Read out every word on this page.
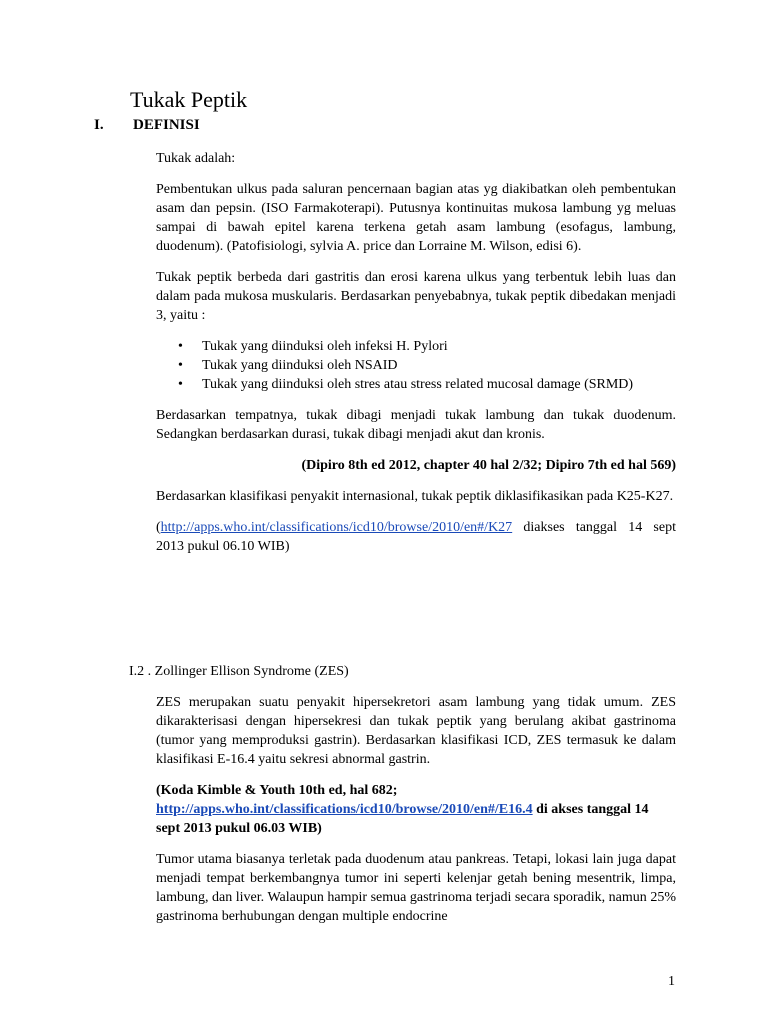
Tukak Peptik
I. DEFINISI

Tukak adalah:

Pembentukan ulkus pada saluran pencernaan bagian atas yg diakibatkan oleh pembentukan asam dan pepsin. (ISO Farmakoterapi). Putusnya kontinuitas mukosa lambung yg meluas sampai di bawah epitel karena terkena getah asam lambung (esofagus, lambung, duodenum). (Patofisiologi, sylvia A. price dan Lorraine M. Wilson, edisi 6).

Tukak peptik berbeda dari gastritis dan erosi karena ulkus yang terbentuk lebih luas dan dalam pada mukosa muskularis. Berdasarkan penyebabnya, tukak peptik dibedakan menjadi 3, yaitu :

• Tukak yang diinduksi oleh infeksi H. Pylori
• Tukak yang diinduksi oleh NSAID
• Tukak yang diinduksi oleh stres atau stress related mucosal damage (SRMD)

Berdasarkan tempatnya, tukak dibagi menjadi tukak lambung dan tukak duodenum. Sedangkan berdasarkan durasi, tukak dibagi menjadi akut dan kronis.

(Dipiro 8th ed 2012, chapter 40 hal 2/32; Dipiro 7th ed hal 569)

Berdasarkan klasifikasi penyakit internasional, tukak peptik diklasifikasikan pada K25-K27.

(http://apps.who.int/classifications/icd10/browse/2010/en#/K27 diakses tanggal 14 sept 2013 pukul 06.10 WIB)

I.2 . Zollinger Ellison Syndrome (ZES)

ZES merupakan suatu penyakit hipersekretori asam lambung yang tidak umum. ZES dikarakterisasi dengan hipersekresi dan tukak peptik yang berulang akibat gastrinoma (tumor yang memproduksi gastrin). Berdasarkan klasifikasi ICD, ZES termasuk ke dalam klasifikasi E-16.4 yaitu sekresi abnormal gastrin.

(Koda Kimble & Youth 10th ed, hal 682;
http://apps.who.int/classifications/icd10/browse/2010/en#/E16.4 di akses tanggal 14 sept 2013 pukul 06.03 WIB)

Tumor utama biasanya terletak pada duodenum atau pankreas. Tetapi, lokasi lain juga dapat menjadi tempat berkembangnya tumor ini seperti kelenjar getah bening mesentrik, limpa, lambung, dan liver. Walaupun hampir semua gastrinoma terjadi secara sporadik, namun 25% gastrinoma berhubungan dengan multiple endocrine

1
